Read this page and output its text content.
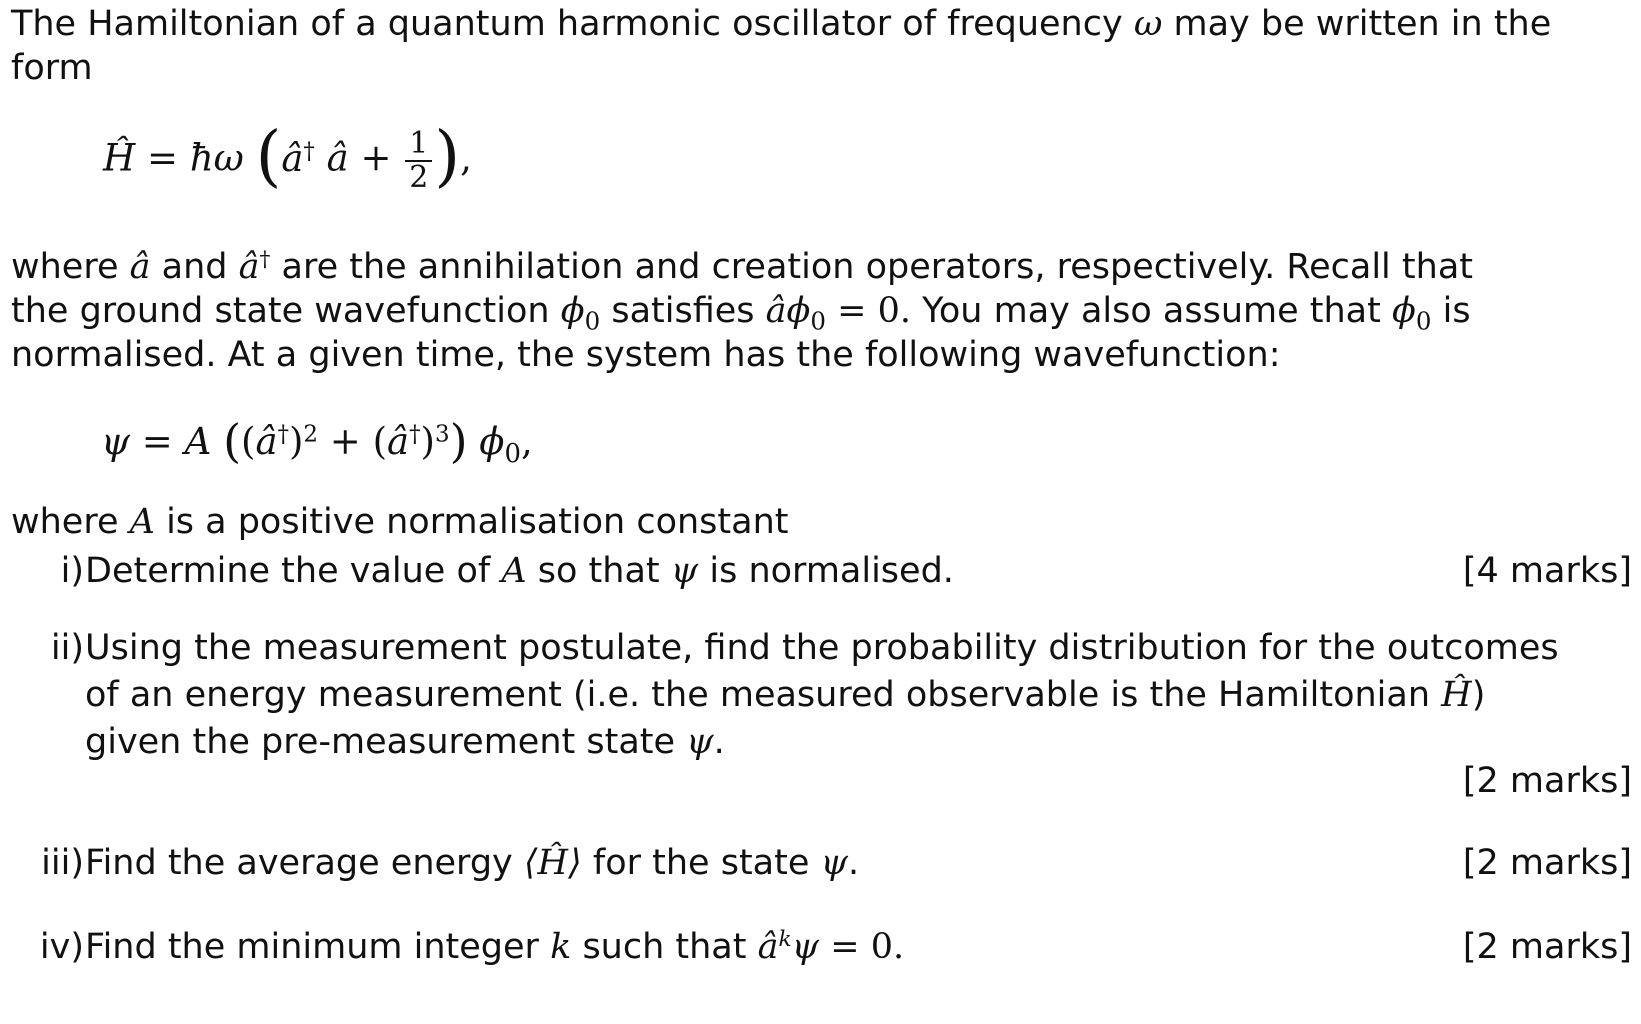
The Hamiltonian of a quantum harmonic oscillator of frequency ω may be written in the
form
Ĥ = ħω (â† â + $\frac{1}{2}$ ),
where â and â† are the annihilation and creation operators, respectively. Recall that
the ground state wavefunction $\phi_0$ satisfies $â\phi_0 = 0$. You may also assume that $\phi_0$ is
normalised. At a given time, the system has the following wavefunction:
ψ = A ((â†)$^2$ + (â†)$^3$) $\phi_0$,
where A is a positive normalisation constant
i) Determine the value of A so that ψ is normalised.	[4 marks]
ii) Using the measurement postulate, find the probability distribution for the outcomes
of an energy measurement (i.e. the measured observable is the Hamiltonian Ĥ)
given the pre-measurement state ψ.
[2 marks]
iii) Find the average energy ⟨Ĥ⟩ for the state ψ.	[2 marks]
iv) Find the minimum integer k such that $â^k\psi = 0$.	[2 marks]
